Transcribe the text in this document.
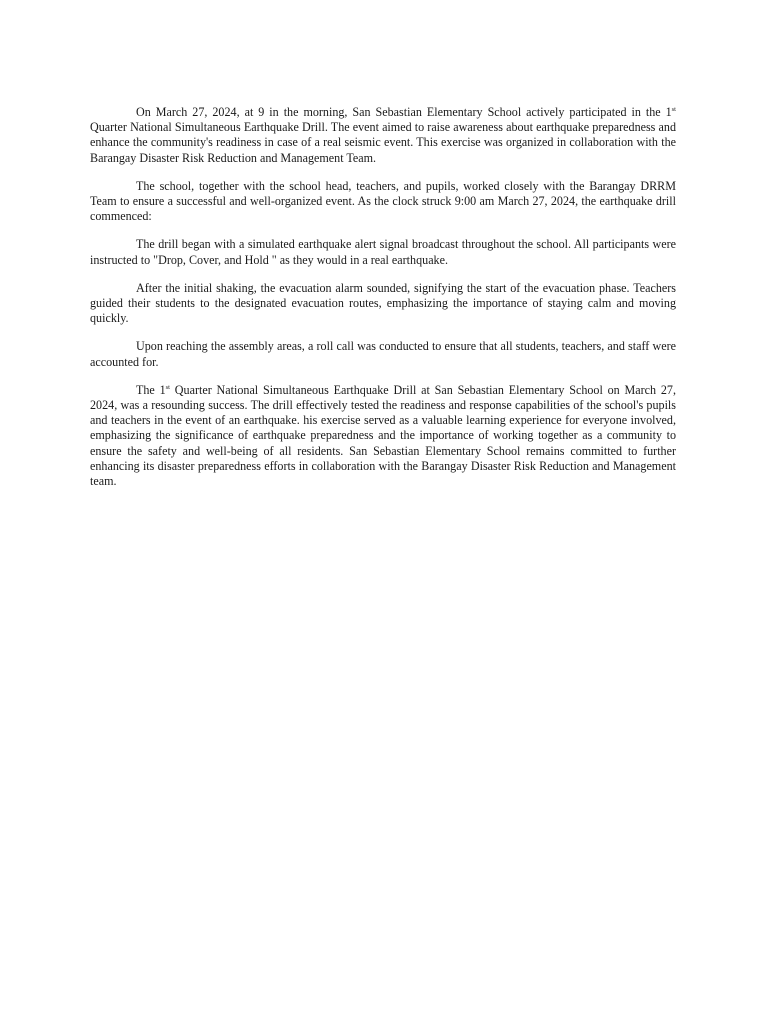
On March 27, 2024, at 9 in the morning, San Sebastian Elementary School actively participated in the 1st Quarter National Simultaneous Earthquake Drill. The event aimed to raise awareness about earthquake preparedness and enhance the community's readiness in case of a real seismic event. This exercise was organized in collaboration with the Barangay Disaster Risk Reduction and Management Team.

The school, together with the school head, teachers, and pupils, worked closely with the Barangay DRRM Team to ensure a successful and well-organized event. As the clock struck 9:00 am March 27, 2024, the earthquake drill commenced:

The drill began with a simulated earthquake alert signal broadcast throughout the school. All participants were instructed to "Drop, Cover, and Hold " as they would in a real earthquake.

After the initial shaking, the evacuation alarm sounded, signifying the start of the evacuation phase. Teachers guided their students to the designated evacuation routes, emphasizing the importance of staying calm and moving quickly.

Upon reaching the assembly areas, a roll call was conducted to ensure that all students, teachers, and staff were accounted for.

The 1st Quarter National Simultaneous Earthquake Drill at San Sebastian Elementary School on March 27, 2024, was a resounding success. The drill effectively tested the readiness and response capabilities of the school's pupils and teachers in the event of an earthquake. his exercise served as a valuable learning experience for everyone involved, emphasizing the significance of earthquake preparedness and the importance of working together as a community to ensure the safety and well-being of all residents. San Sebastian Elementary School remains committed to further enhancing its disaster preparedness efforts in collaboration with the Barangay Disaster Risk Reduction and Management team.
